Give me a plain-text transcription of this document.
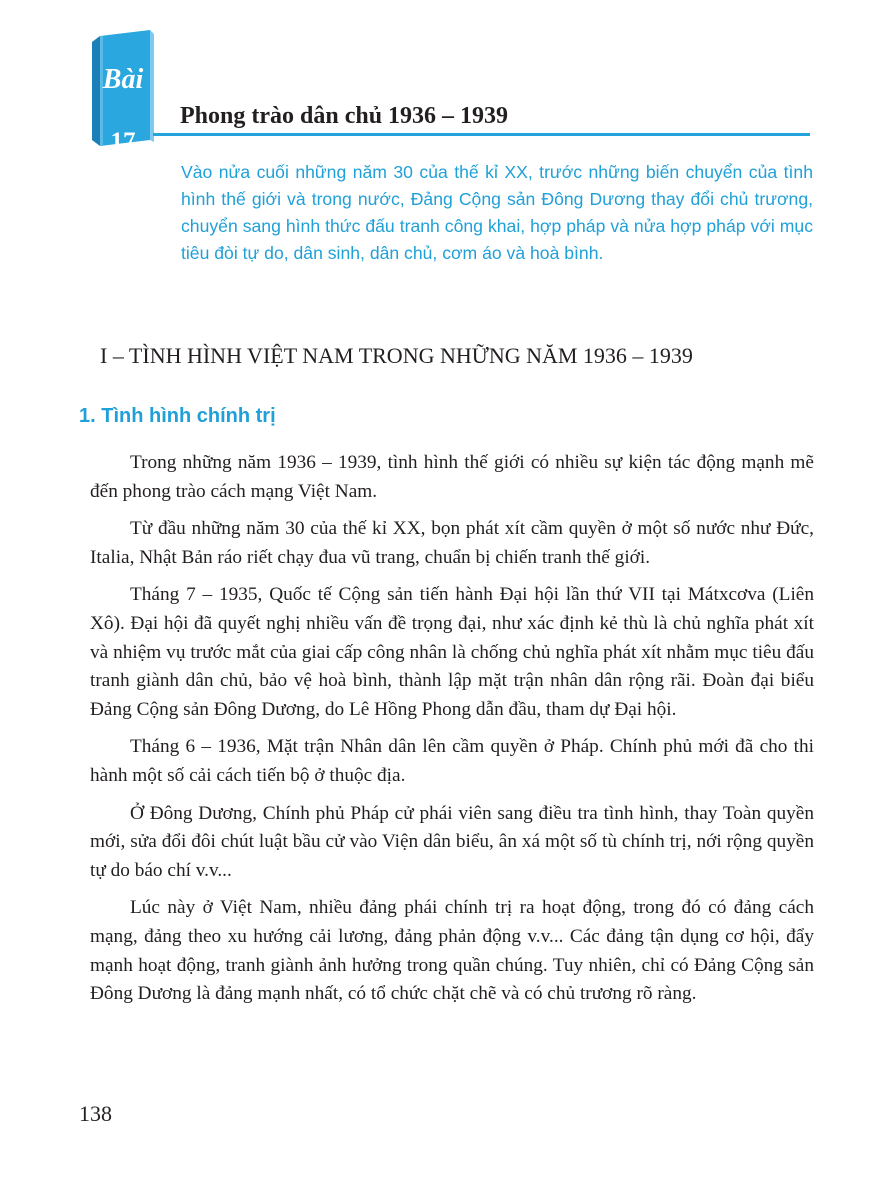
Bài
17
Phong trào dân chủ 1936 – 1939
Vào nửa cuối những năm 30 của thế kỉ XX, trước những biến chuyển của tình hình thế giới và trong nước, Đảng Cộng sản Đông Dương thay đổi chủ trương, chuyển sang hình thức đấu tranh công khai, hợp pháp và nửa hợp pháp với mục tiêu đòi tự do, dân sinh, dân chủ, cơm áo và hoà bình.
I – TÌNH HÌNH VIỆT NAM TRONG NHỮNG NĂM 1936 – 1939
1. Tình hình chính trị

Trong những năm 1936 – 1939, tình hình thế giới có nhiều sự kiện tác động mạnh mẽ đến phong trào cách mạng Việt Nam.

Từ đầu những năm 30 của thế kỉ XX, bọn phát xít cầm quyền ở một số nước như Đức, Italia, Nhật Bản ráo riết chạy đua vũ trang, chuẩn bị chiến tranh thế giới.

Tháng 7 – 1935, Quốc tế Cộng sản tiến hành Đại hội lần thứ VII tại Mátxcơva (Liên Xô). Đại hội đã quyết nghị nhiều vấn đề trọng đại, như xác định kẻ thù là chủ nghĩa phát xít và nhiệm vụ trước mắt của giai cấp công nhân là chống chủ nghĩa phát xít nhằm mục tiêu đấu tranh giành dân chủ, bảo vệ hoà bình, thành lập mặt trận nhân dân rộng rãi. Đoàn đại biểu Đảng Cộng sản Đông Dương, do Lê Hồng Phong dẫn đầu, tham dự Đại hội.

Tháng 6 – 1936, Mặt trận Nhân dân lên cầm quyền ở Pháp. Chính phủ mới đã cho thi hành một số cải cách tiến bộ ở thuộc địa.

Ở Đông Dương, Chính phủ Pháp cử phái viên sang điều tra tình hình, thay Toàn quyền mới, sửa đổi đôi chút luật bầu cử vào Viện dân biểu, ân xá một số tù chính trị, nới rộng quyền tự do báo chí v.v...

Lúc này ở Việt Nam, nhiều đảng phái chính trị ra hoạt động, trong đó có đảng cách mạng, đảng theo xu hướng cải lương, đảng phản động v.v... Các đảng tận dụng cơ hội, đẩy mạnh hoạt động, tranh giành ảnh hưởng trong quần chúng. Tuy nhiên, chỉ có Đảng Cộng sản Đông Dương là đảng mạnh nhất, có tổ chức chặt chẽ và có chủ trương rõ ràng.

138
